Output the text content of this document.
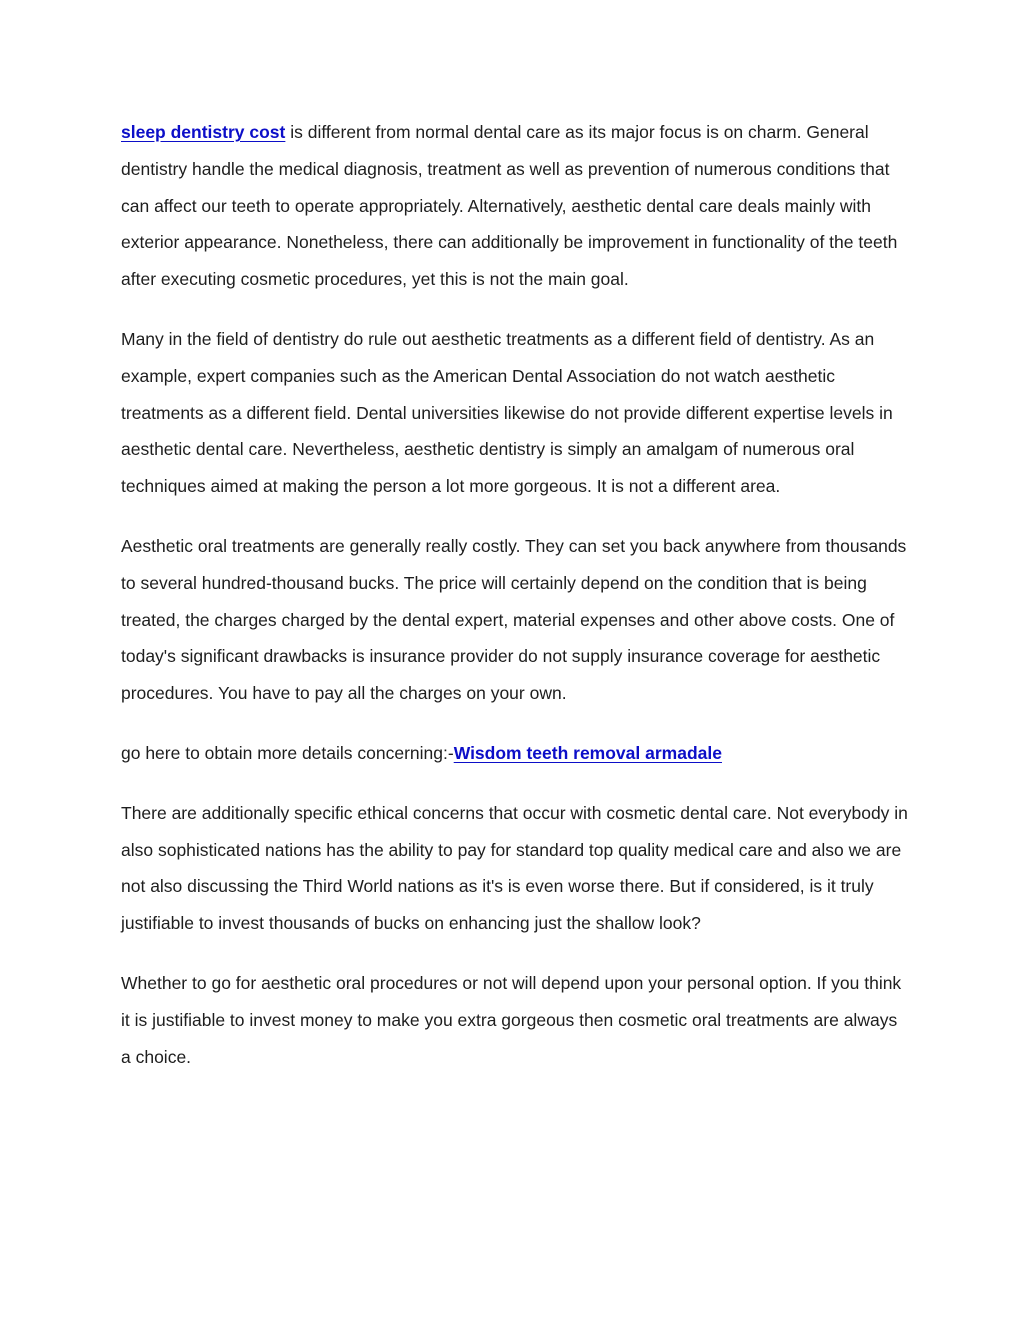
sleep dentistry cost is different from normal dental care as its major focus is on charm. General dentistry handle the medical diagnosis, treatment as well as prevention of numerous conditions that can affect our teeth to operate appropriately. Alternatively, aesthetic dental care deals mainly with exterior appearance. Nonetheless, there can additionally be improvement in functionality of the teeth after executing cosmetic procedures, yet this is not the main goal.

Many in the field of dentistry do rule out aesthetic treatments as a different field of dentistry. As an example, expert companies such as the American Dental Association do not watch aesthetic treatments as a different field. Dental universities likewise do not provide different expertise levels in aesthetic dental care. Nevertheless, aesthetic dentistry is simply an amalgam of numerous oral techniques aimed at making the person a lot more gorgeous. It is not a different area.

Aesthetic oral treatments are generally really costly. They can set you back anywhere from thousands to several hundred-thousand bucks. The price will certainly depend on the condition that is being treated, the charges charged by the dental expert, material expenses and other above costs. One of today's significant drawbacks is insurance provider do not supply insurance coverage for aesthetic procedures. You have to pay all the charges on your own.

go here to obtain more details concerning:-Wisdom teeth removal armadale

There are additionally specific ethical concerns that occur with cosmetic dental care. Not everybody in also sophisticated nations has the ability to pay for standard top quality medical care and also we are not also discussing the Third World nations as it's is even worse there. But if considered, is it truly justifiable to invest thousands of bucks on enhancing just the shallow look?

Whether to go for aesthetic oral procedures or not will depend upon your personal option. If you think it is justifiable to invest money to make you extra gorgeous then cosmetic oral treatments are always a choice.
